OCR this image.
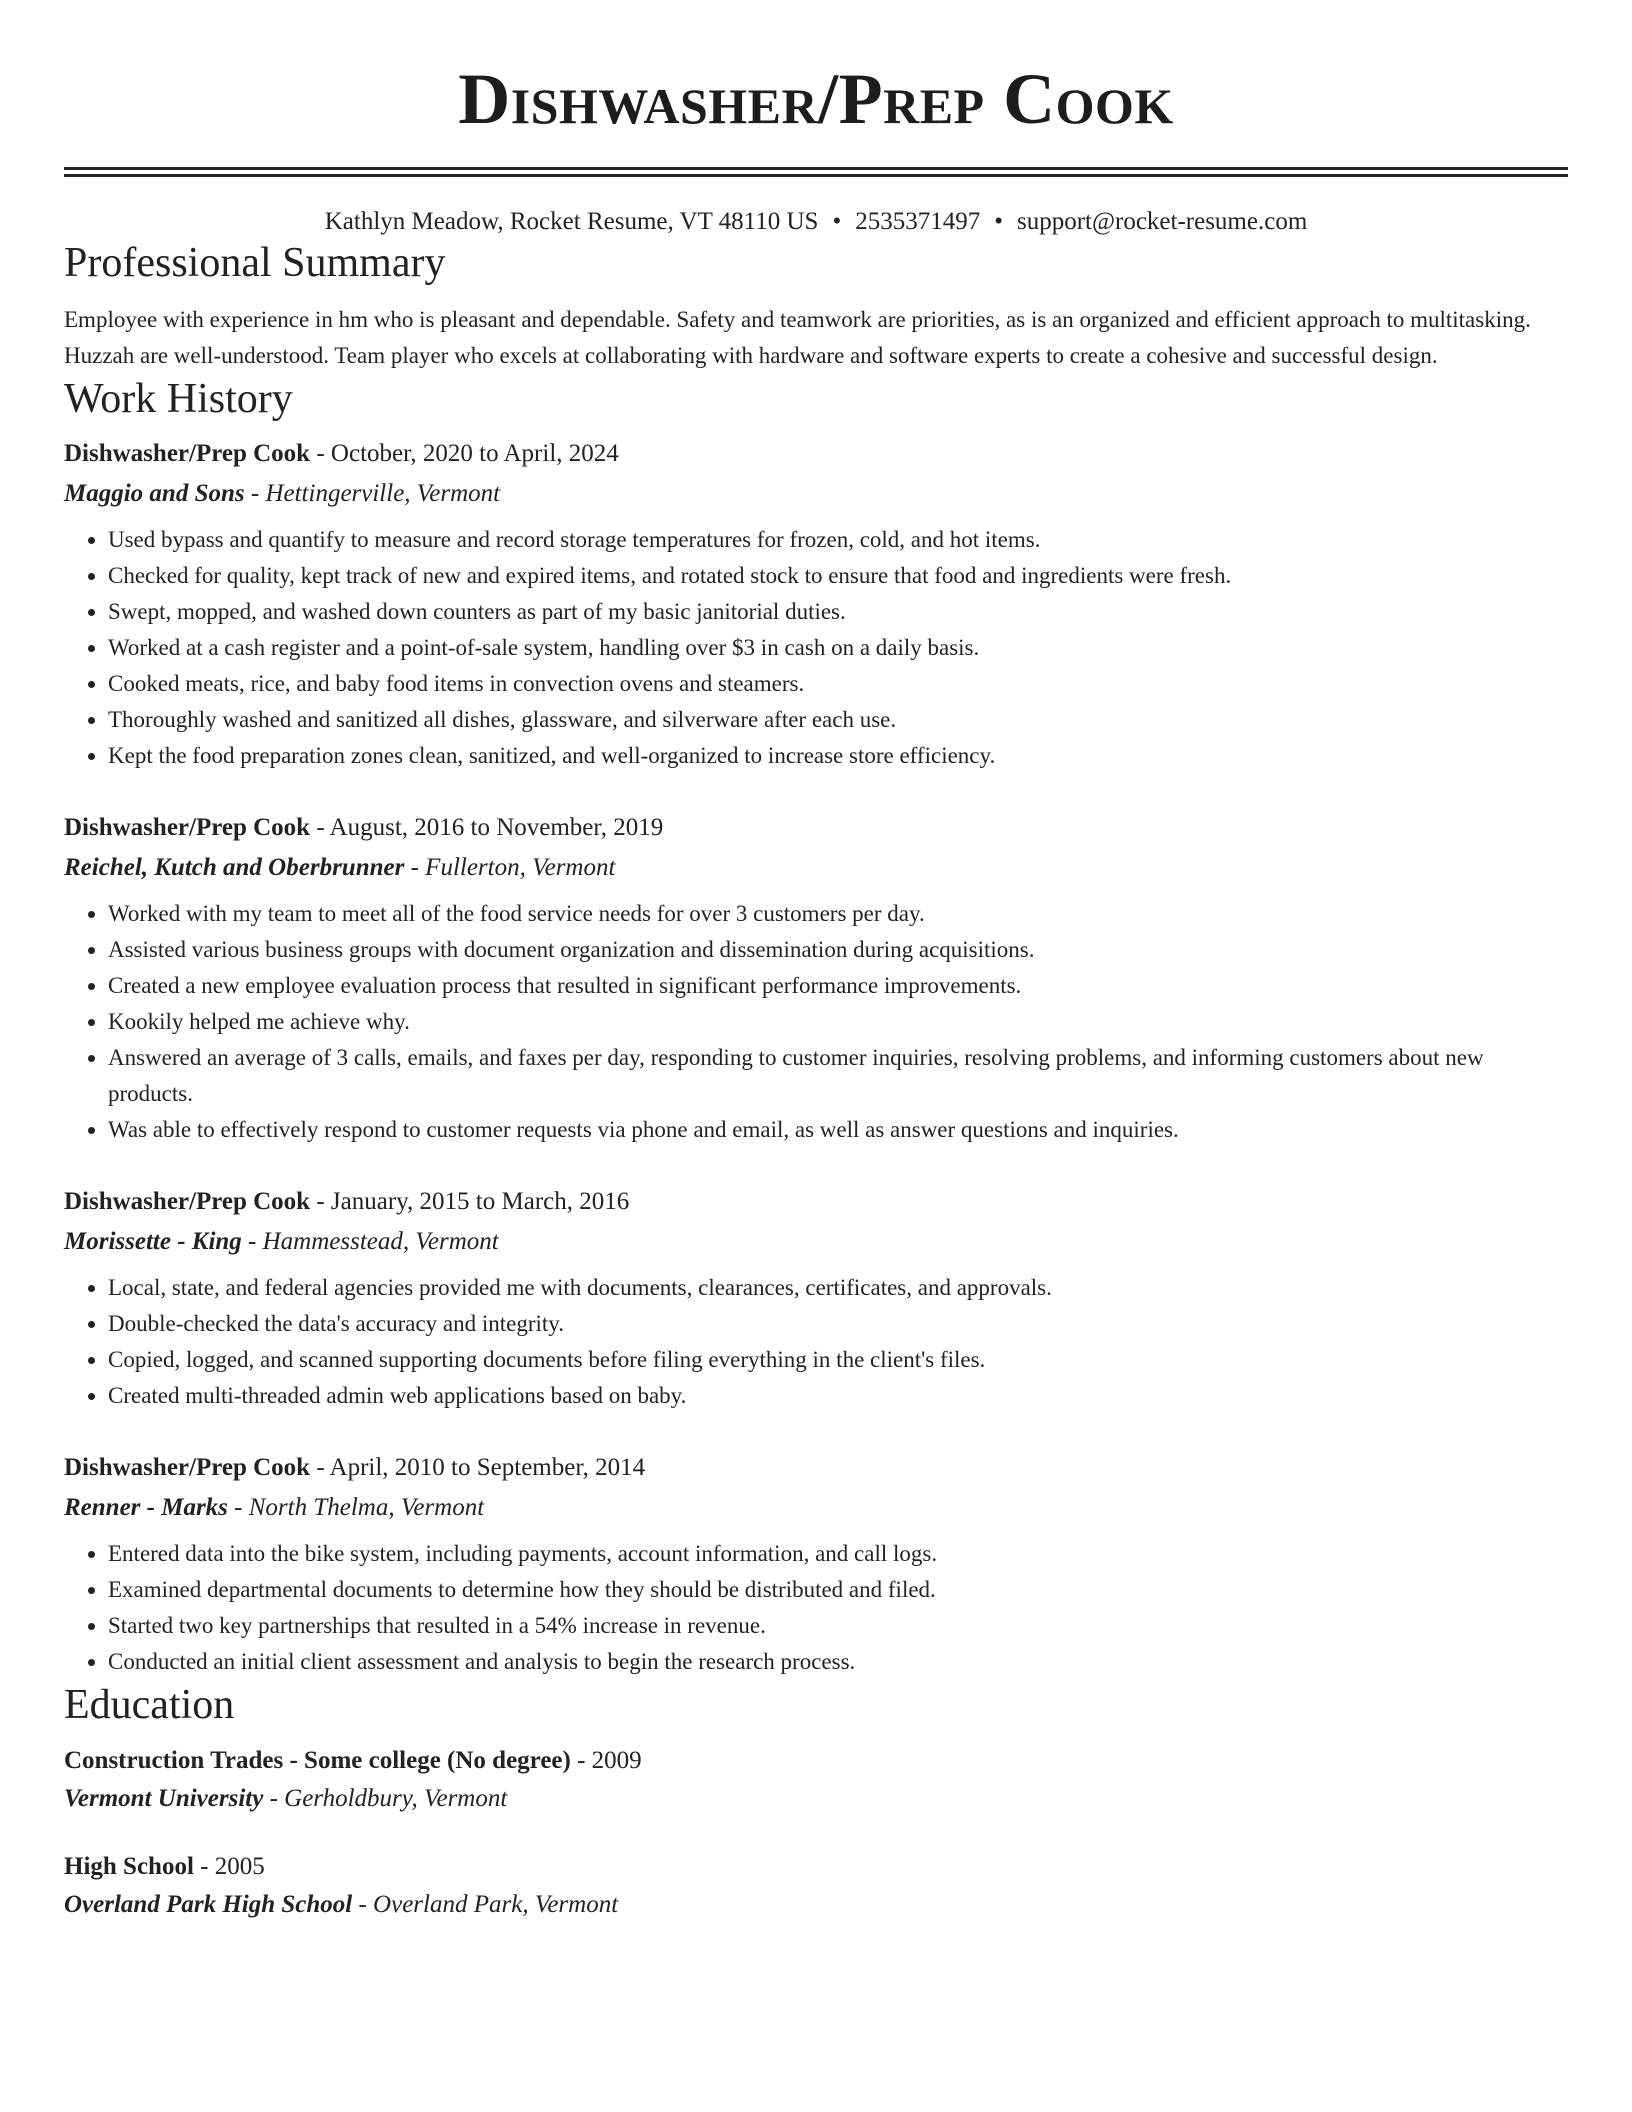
Dishwasher/Prep Cook
Kathlyn Meadow, Rocket Resume, VT 48110 US • 2535371497 • support@rocket-resume.com
Professional Summary
Employee with experience in hm who is pleasant and dependable. Safety and teamwork are priorities, as is an organized and efficient approach to multitasking. Huzzah are well-understood. Team player who excels at collaborating with hardware and software experts to create a cohesive and successful design.
Work History
Dishwasher/Prep Cook - October, 2020 to April, 2024
Maggio and Sons - Hettingerville, Vermont
• Used bypass and quantify to measure and record storage temperatures for frozen, cold, and hot items.
• Checked for quality, kept track of new and expired items, and rotated stock to ensure that food and ingredients were fresh.
• Swept, mopped, and washed down counters as part of my basic janitorial duties.
• Worked at a cash register and a point-of-sale system, handling over $3 in cash on a daily basis.
• Cooked meats, rice, and baby food items in convection ovens and steamers.
• Thoroughly washed and sanitized all dishes, glassware, and silverware after each use.
• Kept the food preparation zones clean, sanitized, and well-organized to increase store efficiency.
Dishwasher/Prep Cook - August, 2016 to November, 2019
Reichel, Kutch and Oberbrunner - Fullerton, Vermont
• Worked with my team to meet all of the food service needs for over 3 customers per day.
• Assisted various business groups with document organization and dissemination during acquisitions.
• Created a new employee evaluation process that resulted in significant performance improvements.
• Kookily helped me achieve why.
• Answered an average of 3 calls, emails, and faxes per day, responding to customer inquiries, resolving problems, and informing customers about new products.
• Was able to effectively respond to customer requests via phone and email, as well as answer questions and inquiries.
Dishwasher/Prep Cook - January, 2015 to March, 2016
Morissette - King - Hammesstead, Vermont
• Local, state, and federal agencies provided me with documents, clearances, certificates, and approvals.
• Double-checked the data's accuracy and integrity.
• Copied, logged, and scanned supporting documents before filing everything in the client's files.
• Created multi-threaded admin web applications based on baby.
Dishwasher/Prep Cook - April, 2010 to September, 2014
Renner - Marks - North Thelma, Vermont
• Entered data into the bike system, including payments, account information, and call logs.
• Examined departmental documents to determine how they should be distributed and filed.
• Started two key partnerships that resulted in a 54% increase in revenue.
• Conducted an initial client assessment and analysis to begin the research process.
Education
Construction Trades - Some college (No degree) - 2009
Vermont University - Gerholdbury, Vermont
High School - 2005
Overland Park High School - Overland Park, Vermont
